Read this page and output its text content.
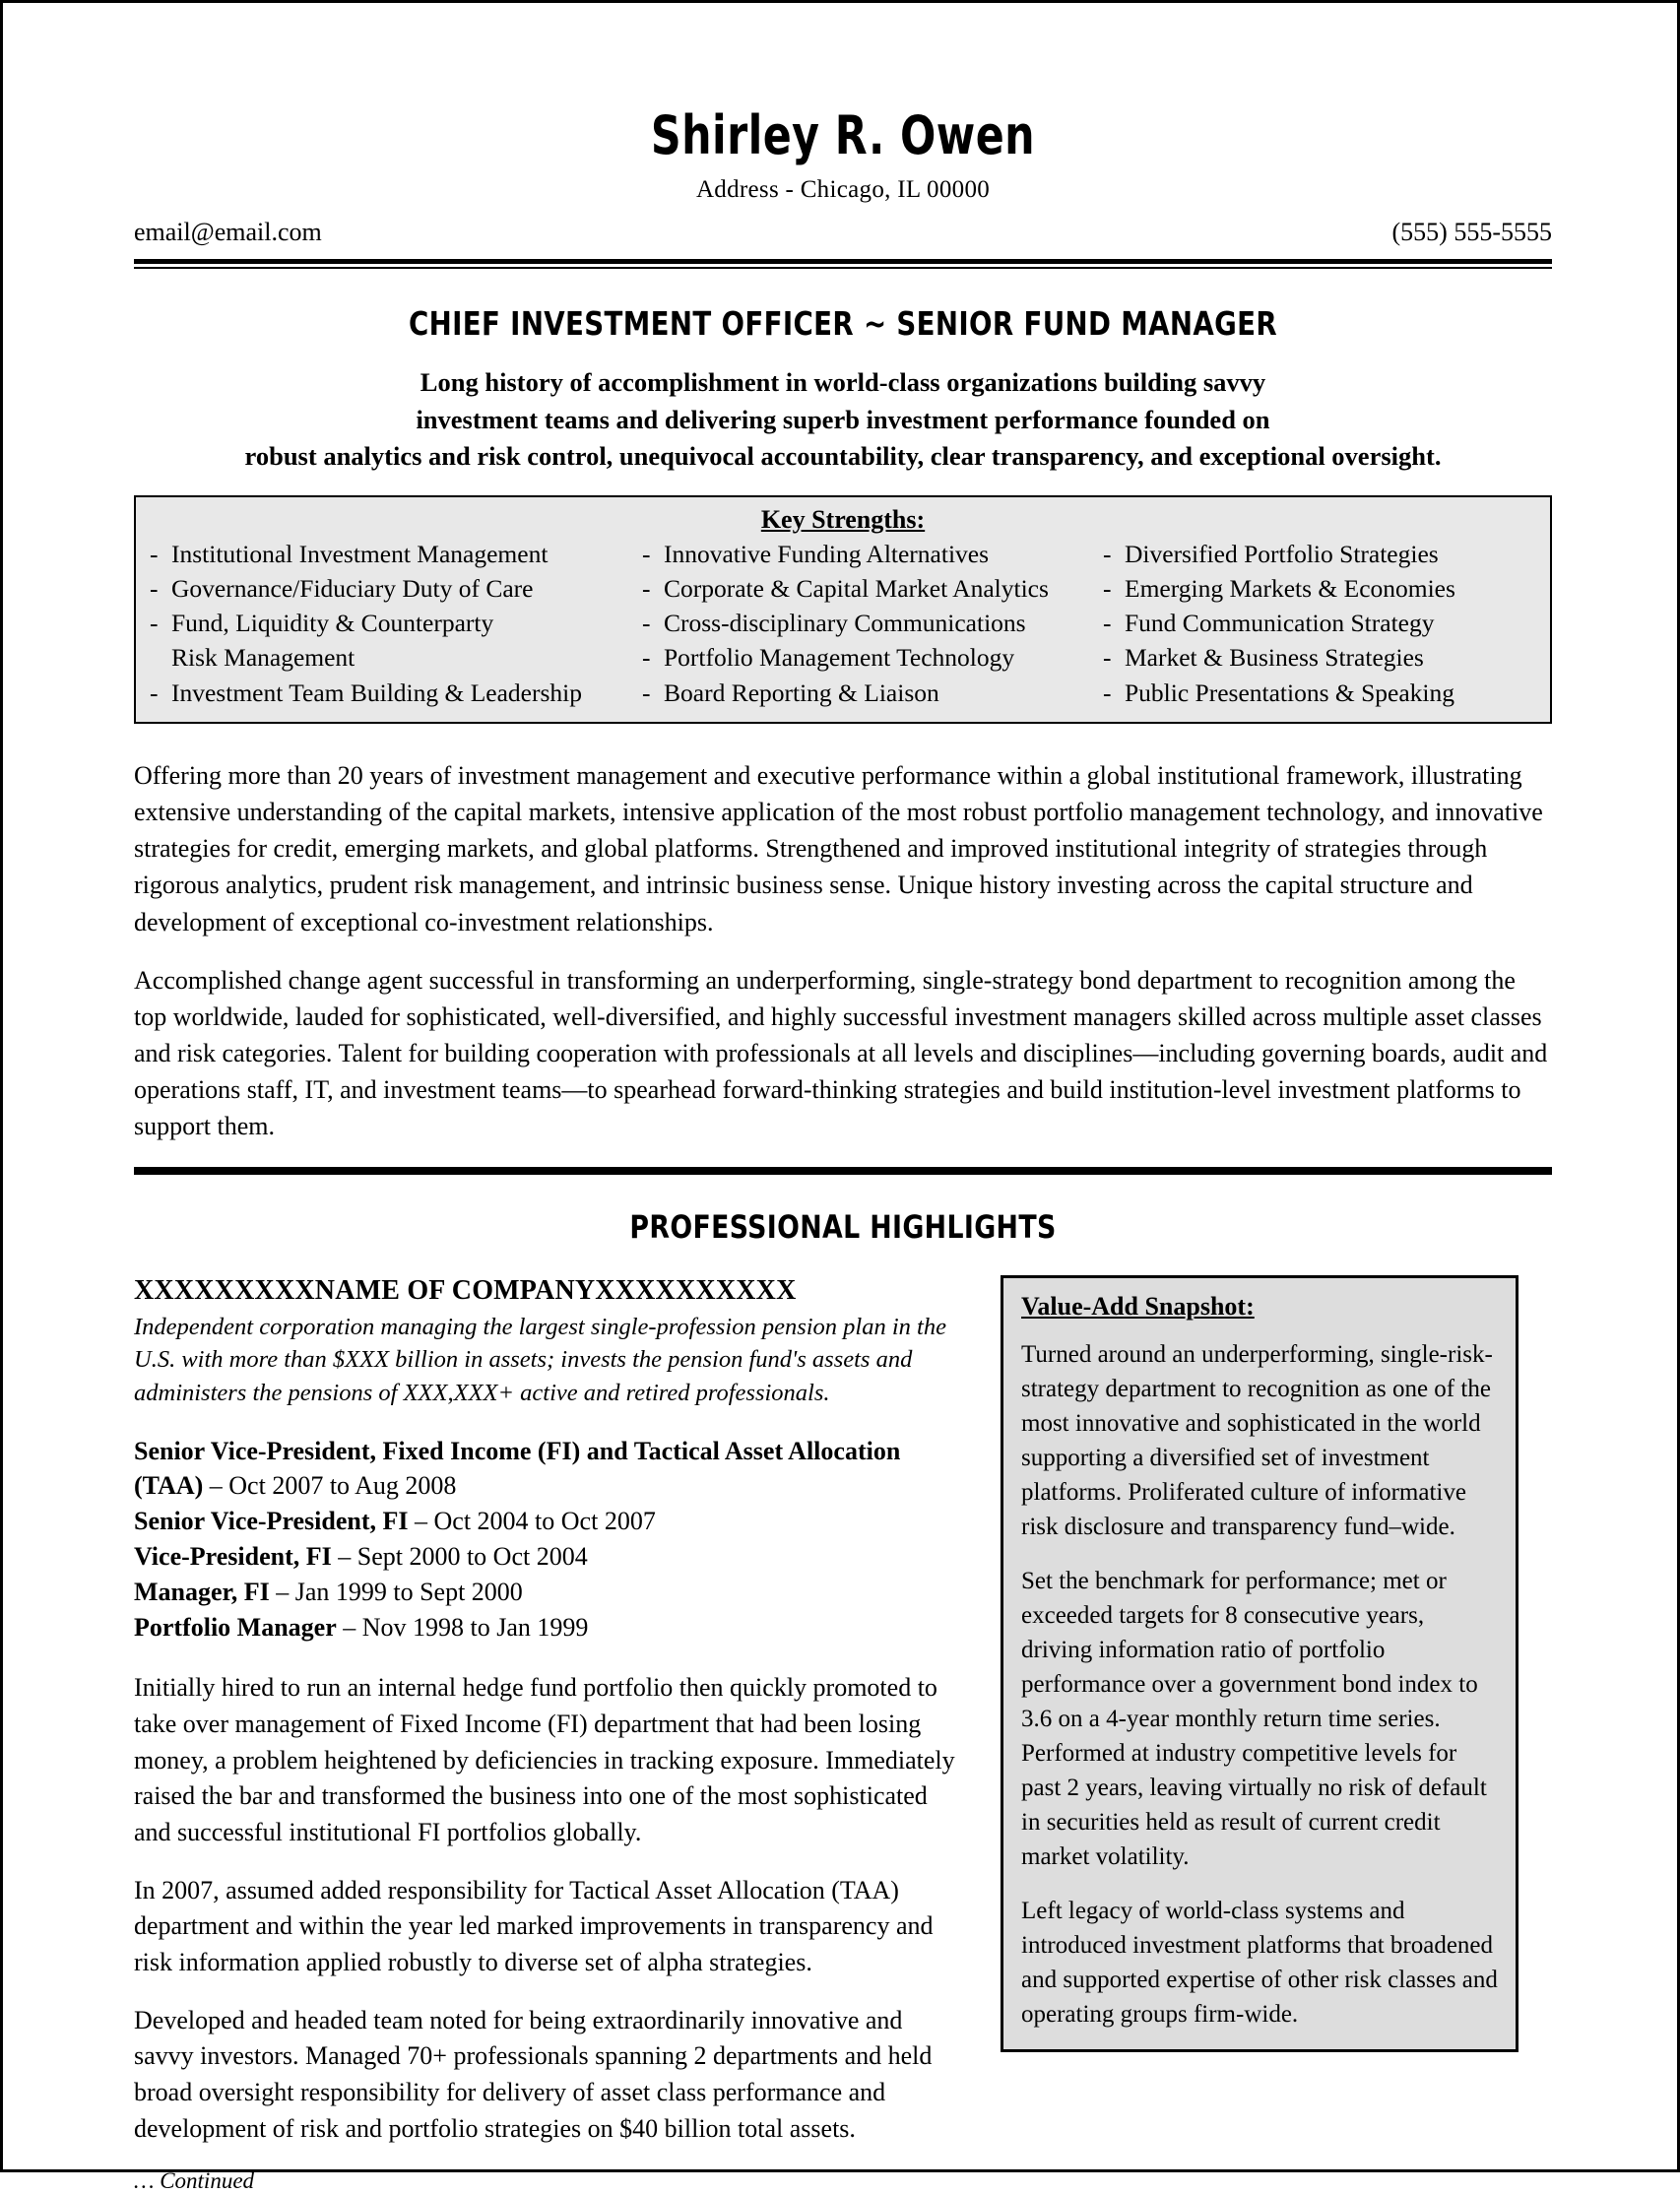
Shirley R. Owen
Address - Chicago, IL 00000
email@email.com	(555) 555-5555
CHIEF INVESTMENT OFFICER ~ SENIOR FUND MANAGER
Long history of accomplishment in world-class organizations building savvy
investment teams and delivering superb investment performance founded on
robust analytics and risk control, unequivocal accountability, clear transparency, and exceptional oversight.
Key Strengths:
- Institutional Investment Management
- Governance/Fiduciary Duty of Care
- Fund, Liquidity & Counterparty
Risk Management
- Investment Team Building & Leadership
- Innovative Funding Alternatives
- Corporate & Capital Market Analytics
- Cross-disciplinary Communications
- Portfolio Management Technology
- Board Reporting & Liaison
- Diversified Portfolio Strategies
- Emerging Markets & Economies
- Fund Communication Strategy
- Market & Business Strategies
- Public Presentations & Speaking

Offering more than 20 years of investment management and executive performance within a global institutional framework, illustrating extensive understanding of the capital markets, intensive application of the most robust portfolio management technology, and innovative strategies for credit, emerging markets, and global platforms. Strengthened and improved institutional integrity of strategies through rigorous analytics, prudent risk management, and intrinsic business sense. Unique history investing across the capital structure and development of exceptional co-investment relationships.

Accomplished change agent successful in transforming an underperforming, single-strategy bond department to recognition among the top worldwide, lauded for sophisticated, well-diversified, and highly successful investment managers skilled across multiple asset classes and risk categories. Talent for building cooperation with professionals at all levels and disciplines—including governing boards, audit and operations staff, IT, and investment teams—to spearhead forward-thinking strategies and build institution-level investment platforms to support them.

PROFESSIONAL HIGHLIGHTS
XXXXXXXXXNAME OF COMPANYXXXXXXXXXX
Independent corporation managing the largest single-profession pension plan in the U.S. with more than $XXX billion in assets; invests the pension fund's assets and administers the pensions of XXX,XXX+ active and retired professionals.
Senior Vice-President, Fixed Income (FI) and Tactical Asset Allocation (TAA) – Oct 2007 to Aug 2008
Senior Vice-President, FI – Oct 2004 to Oct 2007
Vice-President, FI – Sept 2000 to Oct 2004
Manager, FI – Jan 1999 to Sept 2000
Portfolio Manager – Nov 1998 to Jan 1999

Initially hired to run an internal hedge fund portfolio then quickly promoted to take over management of Fixed Income (FI) department that had been losing money, a problem heightened by deficiencies in tracking exposure. Immediately raised the bar and transformed the business into one of the most sophisticated and successful institutional FI portfolios globally.

In 2007, assumed added responsibility for Tactical Asset Allocation (TAA) department and within the year led marked improvements in transparency and risk information applied robustly to diverse set of alpha strategies.

Developed and headed team noted for being extraordinarily innovative and savvy investors. Managed 70+ professionals spanning 2 departments and held broad oversight responsibility for delivery of asset class performance and development of risk and portfolio strategies on $40 billion total assets.

… Continued
Value-Add Snapshot:

Turned around an underperforming, single-risk-strategy department to recognition as one of the most innovative and sophisticated in the world supporting a diversified set of investment platforms. Proliferated culture of informative risk disclosure and transparency fund–wide.

Set the benchmark for performance; met or exceeded targets for 8 consecutive years, driving information ratio of portfolio performance over a government bond index to 3.6 on a 4-year monthly return time series. Performed at industry competitive levels for past 2 years, leaving virtually no risk of default in securities held as result of current credit market volatility.

Left legacy of world-class systems and introduced investment platforms that broadened and supported expertise of other risk classes and operating groups firm-wide.
